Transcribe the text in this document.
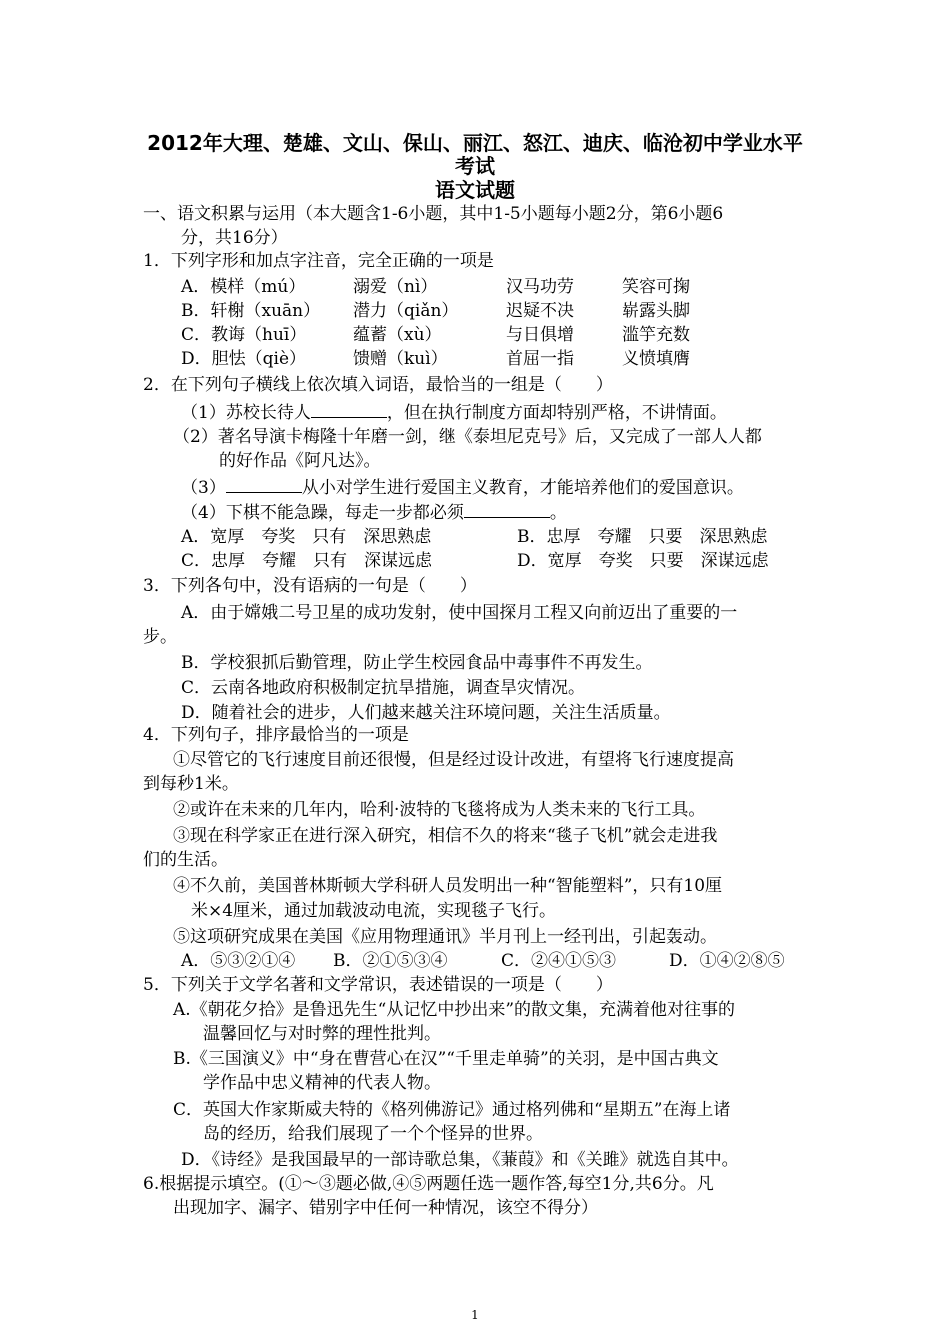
2012年大理、楚雄、文山、保山、丽江、怒江、迪庆、临沧初中学业水平
考试
语文试题
一、语文积累与运用（本大题含1-6小题，其中1-5小题每小题2分，第6小题6
分，共16分）
1．下列字形和加点字注音，完全正确的一项是
A．模样（mú）	溺爱（nì）	汉马功劳	笑容可掬
B．轩榭（xuān） 潜力（qiǎn）	迟疑不决	崭露头脚
C．教诲（huī）	蕴蓄（xù）	与日俱增	滥竽充数
D．胆怯（qiè）	馈赠（kuì）	首屈一指	义愤填膺
2．在下列句子横线上依次填入词语，最恰当的一组是（　　）
（1）苏校长待人	，但在执行制度方面却特别严格，不讲情面。
（2）著名导演卡梅隆十年磨一剑，继《泰坦尼克号》后，又完成了一部人人都
的好作品《阿凡达》。
（3）	从小对学生进行爱国主义教育，才能培养他们的爱国意识。
（4）下棋不能急躁，每走一步都必须	。
A．宽厚　夸奖　只有　深思熟虑	B．忠厚　夸耀　只要　深思熟虑
C．忠厚　夸耀　只有　深谋远虑	D．宽厚　夸奖　只要　深谋远虑
3．下列各句中，没有语病的一句是（　　）
A．由于嫦娥二号卫星的成功发射，使中国探月工程又向前迈出了重要的一
步。
B．学校狠抓后勤管理，防止学生校园食品中毒事件不再发生。
C．云南各地政府积极制定抗旱措施，调查旱灾情况。
D．随着社会的进步，人们越来越关注环境问题，关注生活质量。
4．下列句子，排序最恰当的一项是
①尽管它的飞行速度目前还很慢，但是经过设计改进，有望将飞行速度提高
到每秒1米。
②或许在未来的几年内，哈利·波特的飞毯将成为人类未来的飞行工具。
③现在科学家正在进行深入研究，相信不久的将来“毯子飞机”就会走进我
们的生活。
④不久前，美国普林斯顿大学科研人员发明出一种“智能塑料”，只有10厘
米×4厘米，通过加载波动电流，实现毯子飞行。
⑤这项研究成果在美国《应用物理通讯》半月刊上一经刊出，引起轰动。
A．⑤③②①④ B．②①⑤③④	C．②④①⑤③	D．①④②⑧⑤
5．下列关于文学名著和文学常识，表述错误的一项是（　　）
A.《朝花夕拾》是鲁迅先生“从记忆中抄出来”的散文集，充满着他对往事的
温馨回忆与对时弊的理性批判。
B.《三国演义》中“身在曹营心在汉”“千里走单骑”的关羽，是中国古典文
学作品中忠义精神的代表人物。
C．英国大作家斯威夫特的《格列佛游记》通过格列佛和“星期五”在海上诸
岛的经历，给我们展现了一个个怪异的世界。
D．《诗经》是我国最早的一部诗歌总集，《蒹葭》和《关雎》就选自其中。
6.根据提示填空。(①～③题必做,④⑤两题任选一题作答,每空1分,共6分。凡
出现加字、漏字、错别字中任何一种情况，该空不得分）
1
